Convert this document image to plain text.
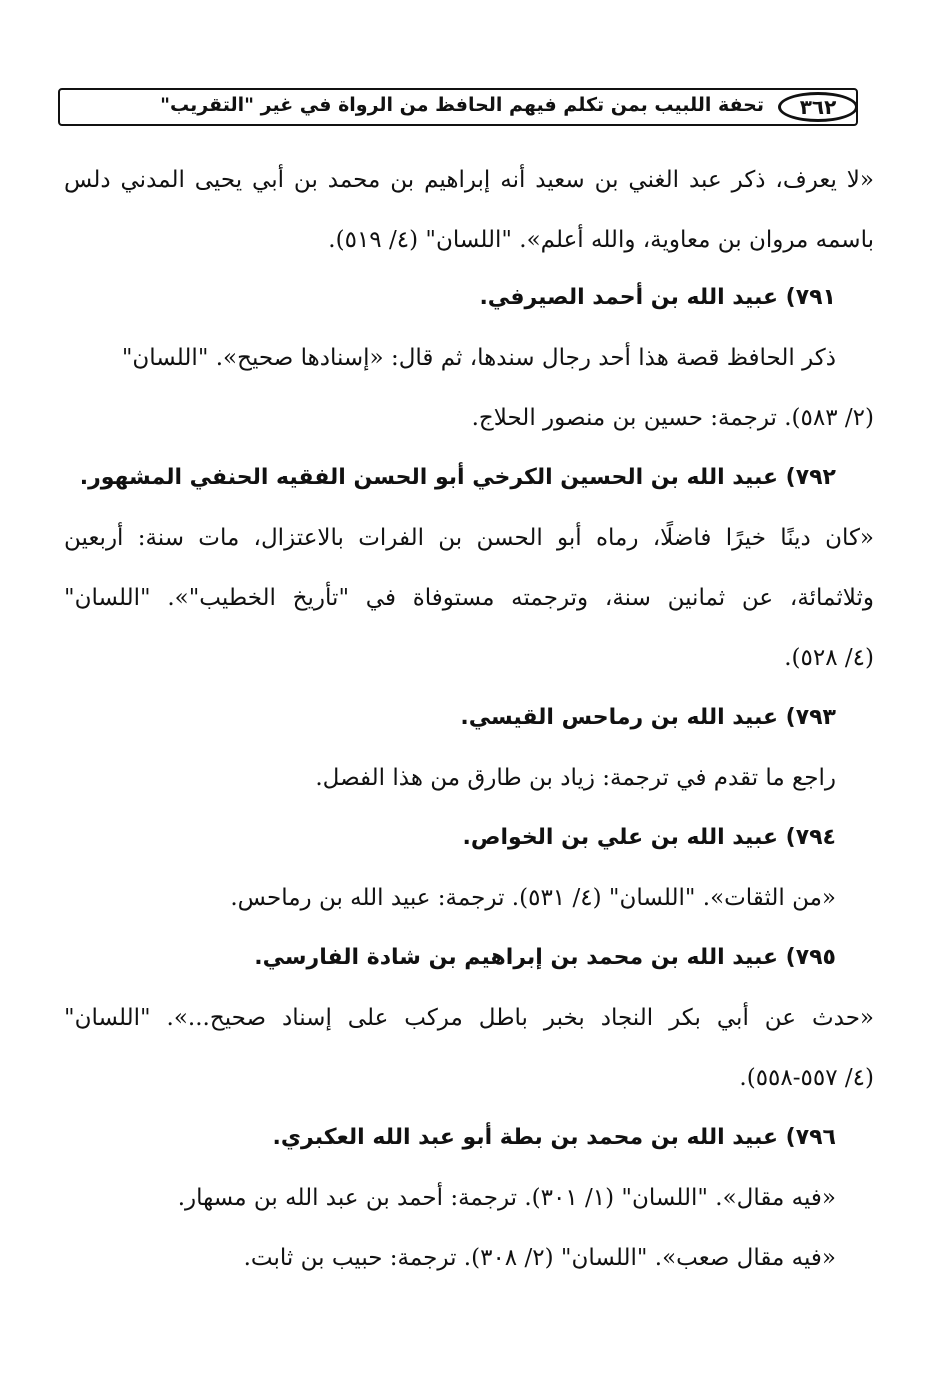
٣٦٢
تحفة اللبيب بمن تكلم فيهم الحافظ من الرواة في غير "التقريب"
«لا يعرف، ذكر عبد الغني بن سعيد أنه إبراهيم بن محمد بن أبي يحيى المدني دلس
باسمه مروان بن معاوية، والله أعلم». "اللسان" (٤/ ٥١٩).
٧٩١) عبيد الله بن أحمد الصيرفي.
ذكر الحافظ قصة هذا أحد رجال سندها، ثم قال: «إسنادها صحيح». "اللسان"
(٢/ ٥٨٣). ترجمة: حسين بن منصور الحلاج.
٧٩٢) عبيد الله بن الحسين الكرخي أبو الحسن الفقيه الحنفي المشهور.
«كان دينًا خيرًا فاضلًا، رماه أبو الحسن بن الفرات بالاعتزال، مات سنة: أربعين
وثلاثمائة، عن ثمانين سنة، وترجمته مستوفاة في "تأريخ الخطيب"». "اللسان"
(٤/ ٥٢٨).
٧٩٣) عبيد الله بن رماحس القيسي.
راجع ما تقدم في ترجمة: زياد بن طارق من هذا الفصل.
٧٩٤) عبيد الله بن علي بن الخواص.
«من الثقات». "اللسان" (٤/ ٥٣١). ترجمة: عبيد الله بن رماحس.
٧٩٥) عبيد الله بن محمد بن إبراهيم بن شادة الفارسي.
«حدث عن أبي بكر النجاد بخبر باطل مركب على إسناد صحيح...». "اللسان"
(٤/ ٥٥٧-٥٥٨).
٧٩٦) عبيد الله بن محمد بن بطة أبو عبد الله العكبري.
«فيه مقال». "اللسان" (١/ ٣٠١). ترجمة: أحمد بن عبد الله بن مسهار.
«فيه مقال صعب». "اللسان" (٢/ ٣٠٨). ترجمة: حبيب بن ثابت.
